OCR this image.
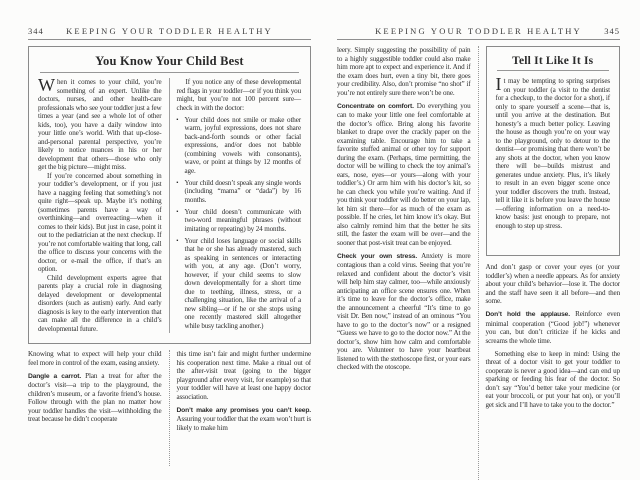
344	KEEPING YOUR TODDLER HEALTHY
You Know Your Child Best

When it comes to your child, you’re something of an expert. Unlike the doctors, nurses, and other health-care professionals who see your toddler just a few times a year (and see a whole lot of other kids, too), you have a daily window into your little one’s world. With that up-close-and-personal parental perspective, you’re likely to notice nuances in his or her development that others—those who only get the big picture—might miss.

If you’re concerned about something in your toddler’s development, or if you just have a nagging feeling that something’s not quite right—speak up. Maybe it’s nothing (sometimes parents have a way of overthinking—and overreacting—when it comes to their kids). But just in case, point it out to the pediatrician at the next checkup. If you’re not comfortable waiting that long, call the office to discuss your concerns with the doctor, or e-mail the office, if that’s an option.

Child development experts agree that parents play a crucial role in diagnosing delayed development or developmental disorders (such as autism) early. And early diagnosis is key to the early intervention that can make all the difference in a child’s developmental future.

If you notice any of these developmental red flags in your toddler—or if you think you might, but you’re not 100 percent sure—check in with the doctor:

▪ Your child does not smile or make other warm, joyful expressions, does not share back-and-forth sounds or other facial expressions, and/or does not babble (combining vowels with consonants), wave, or point at things by 12 months of age.
▪ Your child doesn’t speak any single words (including “mama” or “dada”) by 16 months.
▪ Your child doesn’t communicate with two-word meaningful phrases (without imitating or repeating) by 24 months.
▪ Your child loses language or social skills that he or she has already mastered, such as speaking in sentences or interacting with you, at any age. (Don’t worry, however, if your child seems to slow down developmentally for a short time due to teething, illness, stress, or a challenging situation, like the arrival of a new sibling—or if he or she stops using one recently mastered skill altogether while busy tackling another.)

Knowing what to expect will help your child feel more in control of the exam, easing anxiety.

Dangle a carrot. Plan a treat for after the doctor’s visit—a trip to the playground, the children’s museum, or a favorite friend’s house. Follow through with the plan no matter how your toddler handles the visit—withholding the treat because he didn’t cooperate

this time isn’t fair and might further undermine his cooperation next time. Make a ritual out of the after-visit treat (going to the bigger playground after every visit, for example) so that your toddler will have at least one happy doctor association.

Don’t make any promises you can’t keep. Assuring your toddler that the exam won’t hurt is likely to make him

KEEPING YOUR TODDLER HEALTHY	345

leery. Simply suggesting the possibility of pain to a highly suggestible toddler could also make him more apt to expect and experience it. And if the exam does hurt, even a tiny bit, there goes your credibility. Also, don’t promise “no shot” if you’re not entirely sure there won’t be one.

Concentrate on comfort. Do everything you can to make your little one feel comfortable at the doctor’s office. Bring along his favorite blanket to drape over the crackly paper on the examining table. Encourage him to take a favorite stuffed animal or other toy for support during the exam. (Perhaps, time permitting, the doctor will be willing to check the toy animal’s ears, nose, eyes—or yours—along with your toddler’s.) Or arm him with his doctor’s kit, so he can check you while you’re waiting. And if you think your toddler will do better on your lap, let him sit there—for as much of the exam as possible. If he cries, let him know it’s okay. But also calmly remind him that the better he sits still, the faster the exam will be over—and the sooner that post-visit treat can be enjoyed.

Check your own stress. Anxiety is more contagious than a cold virus. Seeing that you’re relaxed and confident about the doctor’s visit will help him stay calmer, too—while anxiously anticipating an office scene ensures one. When it’s time to leave for the doctor’s office, make the announcement a cheerful “It’s time to go visit Dr. Ben now,” instead of an ominous “You have to go to the doctor’s now” or a resigned “Guess we have to go to the doctor now.” At the doctor’s, show him how calm and comfortable you are. Volunteer to have your heartbeat listened to with the stethoscope first, or your ears checked with the otoscope.

Tell It Like It Is

It may be tempting to spring surprises on your toddler (a visit to the dentist for a checkup, to the doctor for a shot), if only to spare yourself a scene—that is, until you arrive at the destination. But honesty’s a much better policy. Leaving the house as though you’re on your way to the playground, only to detour to the dentist—or promising that there won’t be any shots at the doctor, when you know there will be—builds mistrust and generates undue anxiety. Plus, it’s likely to result in an even bigger scene once your toddler discovers the truth. Instead, tell it like it is before you leave the house—offering information on a need-to-know basis: just enough to prepare, not enough to step up stress.

And don’t gasp or cover your eyes (or your toddler’s) when a needle appears. As for anxiety about your child’s behavior—lose it. The doctor and the staff have seen it all before—and then some.

Don’t hold the applause. Reinforce even minimal cooperation (“Good job!”) whenever you can, but don’t criticize if he kicks and screams the whole time.

Something else to keep in mind: Using the threat of a doctor visit to get your toddler to cooperate is never a good idea—and can end up sparking or feeding his fear of the doctor. So don’t say “You’d better take your medicine (or eat your broccoli, or put your hat on), or you’ll get sick and I’ll have to take you to the doctor.”
